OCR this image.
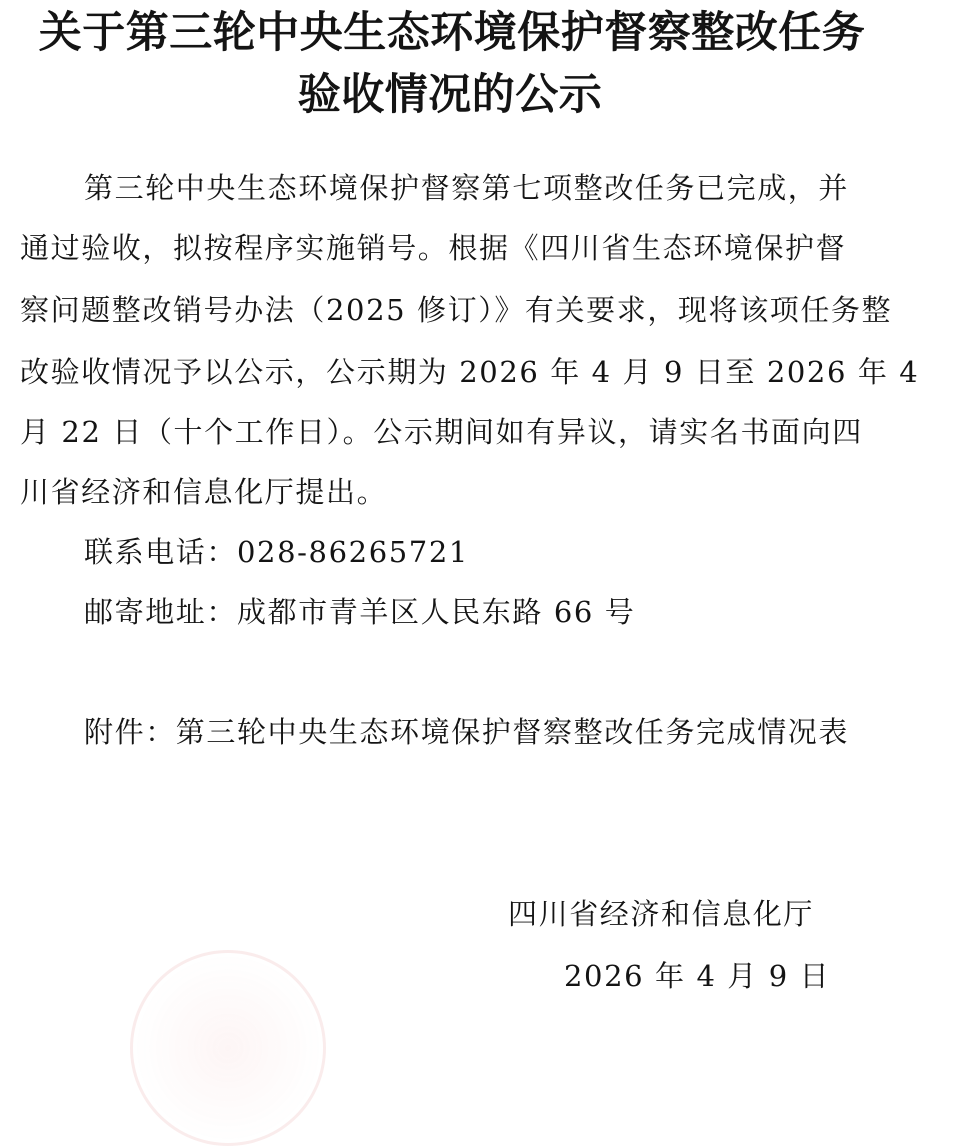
关于第三轮中央生态环境保护督察整改任务
验收情况的公示
第三轮中央生态环境保护督察第七项整改任务已完成，并
通过验收，拟按程序实施销号。根据《四川省生态环境保护督
察问题整改销号办法（2025 修订）》有关要求，现将该项任务整
改验收情况予以公示，公示期为 2026 年 4 月 9 日至 2026 年 4
月 22 日（十个工作日）。公示期间如有异议，请实名书面向四
川省经济和信息化厅提出。
联系电话：028-86265721
邮寄地址：成都市青羊区人民东路 66 号
附件：第三轮中央生态环境保护督察整改任务完成情况表
四川省经济和信息化厅
2026 年 4 月 9 日
